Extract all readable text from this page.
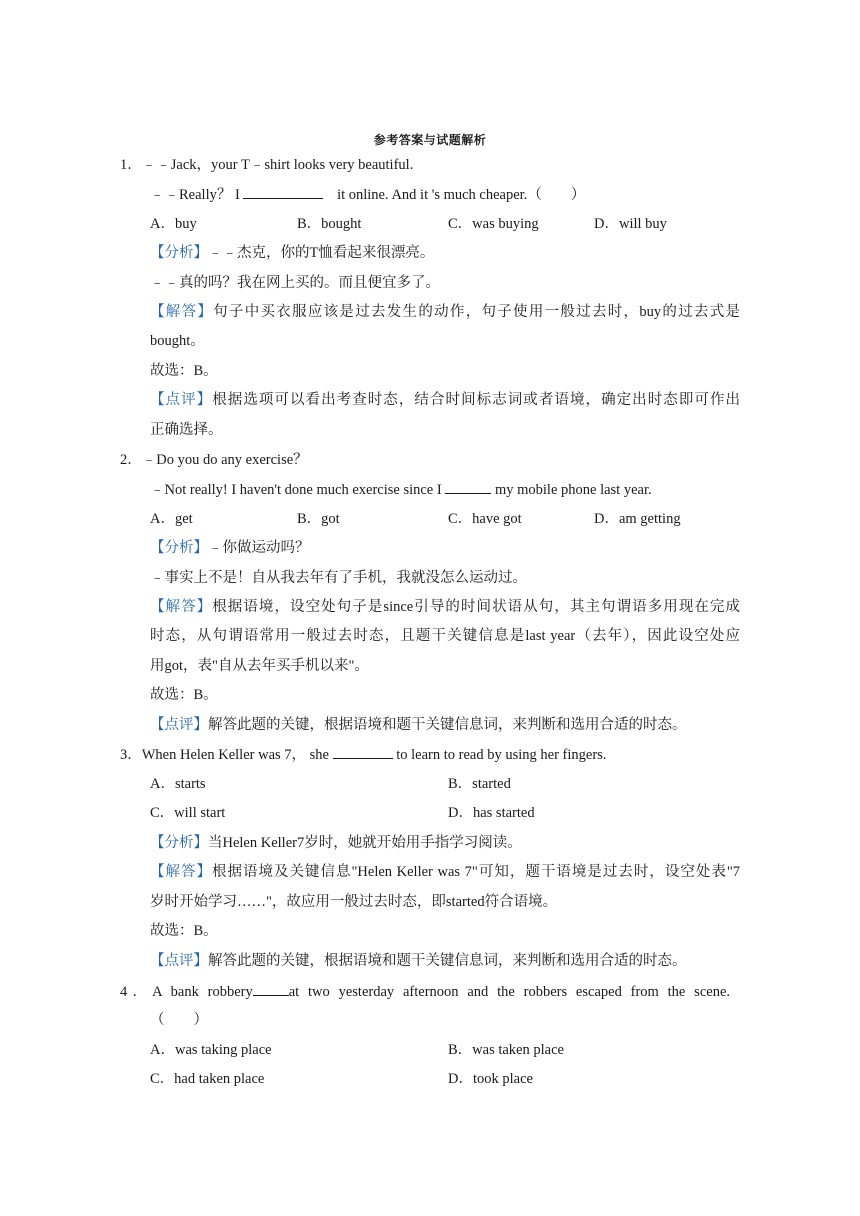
参考答案与试题解析
1．﹣﹣Jack，your T﹣shirt looks very beautiful.
﹣﹣Really？ I	it online. And it 's much cheaper.（　　）
A．buy	B．bought	C．was buying	D．will buy
【分析】﹣﹣杰克，你的T恤看起来很漂亮。
﹣﹣真的吗？我在网上买的。而且便宜多了。
【解答】句子中买衣服应该是过去发生的动作，句子使用一般过去时，buy的过去式是
bought。
故选：B。
【点评】根据选项可以看出考查时态，结合时间标志词或者语境，确定出时态即可作出
正确选择。
2．﹣Do you do any exercise？
﹣Not really! I haven't done much exercise since I	my mobile phone last year.
A．get	B．got	C．have got	D．am getting
【分析】﹣你做运动吗？
﹣事实上不是！自从我去年有了手机，我就没怎么运动过。
【解答】根据语境，设空处句子是since引导的时间状语从句，其主句谓语多用现在完成
时态，从句谓语常用一般过去时态，且题干关键信息是last year（去年），因此设空处应
用got，表"自从去年买手机以来"。
故选：B。
【点评】解答此题的关键，根据语境和题干关键信息词，来判断和选用合适的时态。
3．When Helen Keller was 7， she	to learn to read by using her fingers.
A．starts	B．started
C．will start	D．has started
【分析】当Helen Keller7岁时，她就开始用手指学习阅读。
【解答】根据语境及关键信息"Helen Keller was 7"可知，题干语境是过去时，设空处表"7
岁时开始学习……"，故应用一般过去时态，即started符合语境。
故选：B。
【点评】解答此题的关键，根据语境和题干关键信息词，来判断和选用合适的时态。
4．A bank robbery at two yesterday afternoon and the robbers escaped from the scene.
（　　）
A．was taking place	B．was taken place
C．had taken place	D．took place
